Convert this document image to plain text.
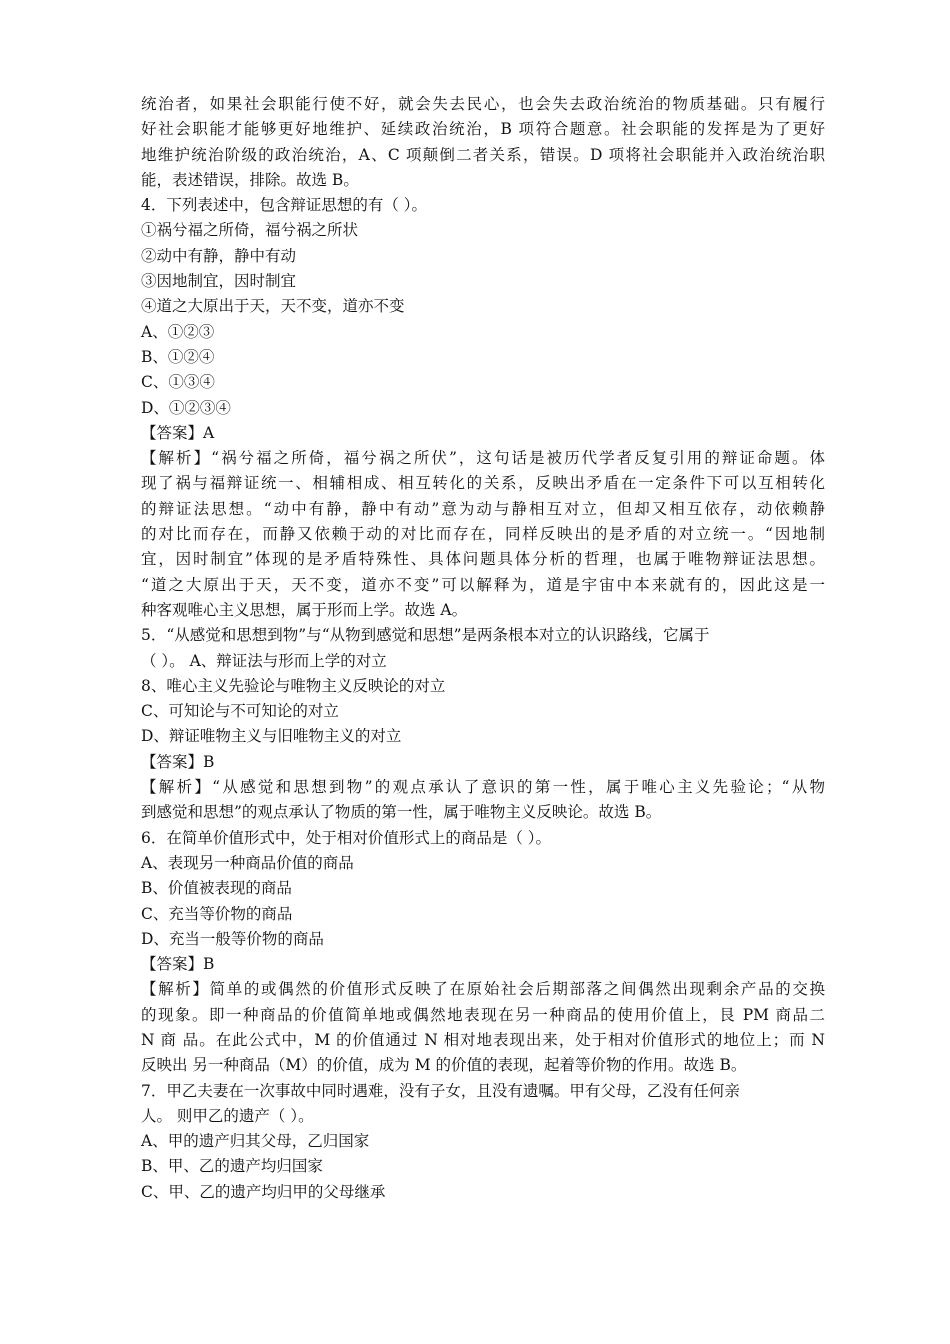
统治者，如果社会职能行使不好，就会失去民心，也会失去政治统治的物质基础。只有履行
好社会职能才能够更好地维护、延续政治统治，B 项符合题意。社会职能的发挥是为了更好
地维护统治阶级的政治统治，A、C 项颠倒二者关系，错误。D 项将社会职能并入政治统治职
能，表述错误，排除。故选 B。
4．下列表述中，包含辩证思想的有（ ）。
①祸兮福之所倚，福兮祸之所状
②动中有静，静中有动
③因地制宜，因时制宜
④道之大原出于天，天不变，道亦不变
A、①②③
B、①②④
C、①③④
D、①②③④
【答案】A
【解析】“祸兮福之所倚，福兮祸之所伏”，这句话是被历代学者反复引用的辩证命题。体
现了祸与福辩证统一、相辅相成、相互转化的关系，反映出矛盾在一定条件下可以互相转化
的辩证法思想。“动中有静，静中有动”意为动与静相互对立，但却又相互依存，动依赖静
的对比而存在，而静又依赖于动的对比而存在，同样反映出的是矛盾的对立统一。“因地制
宜，因时制宜”体现的是矛盾特殊性、具体问题具体分析的哲理，也属于唯物辩证法思想。
“道之大原出于天，天不变，道亦不变”可以解释为，道是宇宙中本来就有的，因此这是一
种客观唯心主义思想，属于形而上学。故选 A。
5．“从感觉和思想到物”与“从物到感觉和思想”是两条根本对立的认识路线，它属于
（ ）。 A、辩证法与形而上学的对立
8、唯心主义先验论与唯物主义反映论的对立
C、可知论与不可知论的对立
D、辩证唯物主义与旧唯物主义的对立
【答案】B
【解析】“从感觉和思想到物”的观点承认了意识的第一性，属于唯心主义先验论；“从物
到感觉和思想”的观点承认了物质的第一性，属于唯物主义反映论。故选 B。
6．在简单价值形式中，处于相对价值形式上的商品是（ ）。
A、表现另一种商品价值的商品
B、价值被表现的商品
C、充当等价物的商品
D、充当一般等价物的商品
【答案】B
【解析】简单的或偶然的价值形式反映了在原始社会后期部落之间偶然出现剩余产品的交换
的现象。即一种商品的价值简单地或偶然地表现在另一种商品的使用价值上，艮 PM 商品二
N 商 品。在此公式中，M 的价值通过 N 相对地表现出来，处于相对价值形式的地位上；而 N
反映出 另一种商品（M）的价值，成为 M 的价值的表现，起着等价物的作用。故选 B。
7．甲乙夫妻在一次事故中同时遇难，没有子女，且没有遗嘱。甲有父母，乙没有任何亲
人。 则甲乙的遗产（ ）。
A、甲的遗产归其父母，乙归国家
B、甲、乙的遗产均归国家
C、甲、乙的遗产均归甲的父母继承
